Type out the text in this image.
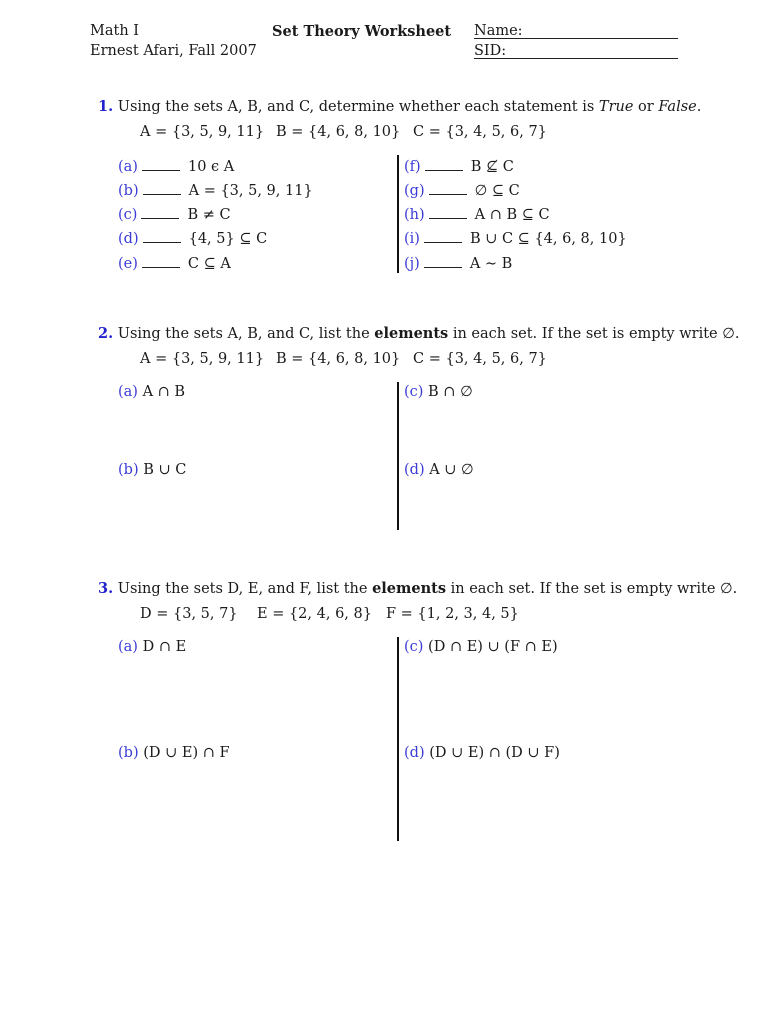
Math I
Ernest Afari, Fall 2007
Set Theory Worksheet Name:
SID:
1. Using the sets A, B, and C, determine whether each statement is True or False.
A = {3, 5, 9, 11} B = {4, 6, 8, 10} C = {3, 4, 5, 6, 7}
(a)	10 ϵ A
(b)	A = {3, 5, 9, 11}
(c)	B ≠ C
(d)	{4, 5} ⊆ C
(e)	C ⊆ A
(f)	B ⊈ C
(g)	∅ ⊆ C
(h)	A ∩ B ⊆ C
(i)	B ∪ C ⊆ {4, 6, 8, 10}
(j)	A ∼ B
2. Using the sets A, B, and C, list the elements in each set. If the set is empty write ∅.
A = {3, 5, 9, 11} B = {4, 6, 8, 10} C = {3, 4, 5, 6, 7}
(a) A ∩ B
(b) B ∪ C
(c) B ∩ ∅
(d) A ∪ ∅
3. Using the sets D, E, and F, list the elements in each set. If the set is empty write ∅.
D = {3, 5, 7} E = {2, 4, 6, 8} F = {1, 2, 3, 4, 5}
(a) D ∩ E
(b) (D ∪ E) ∩ F
(c) (D ∩ E) ∪ (F ∩ E)
(d) (D ∪ E) ∩ (D ∪ F)
